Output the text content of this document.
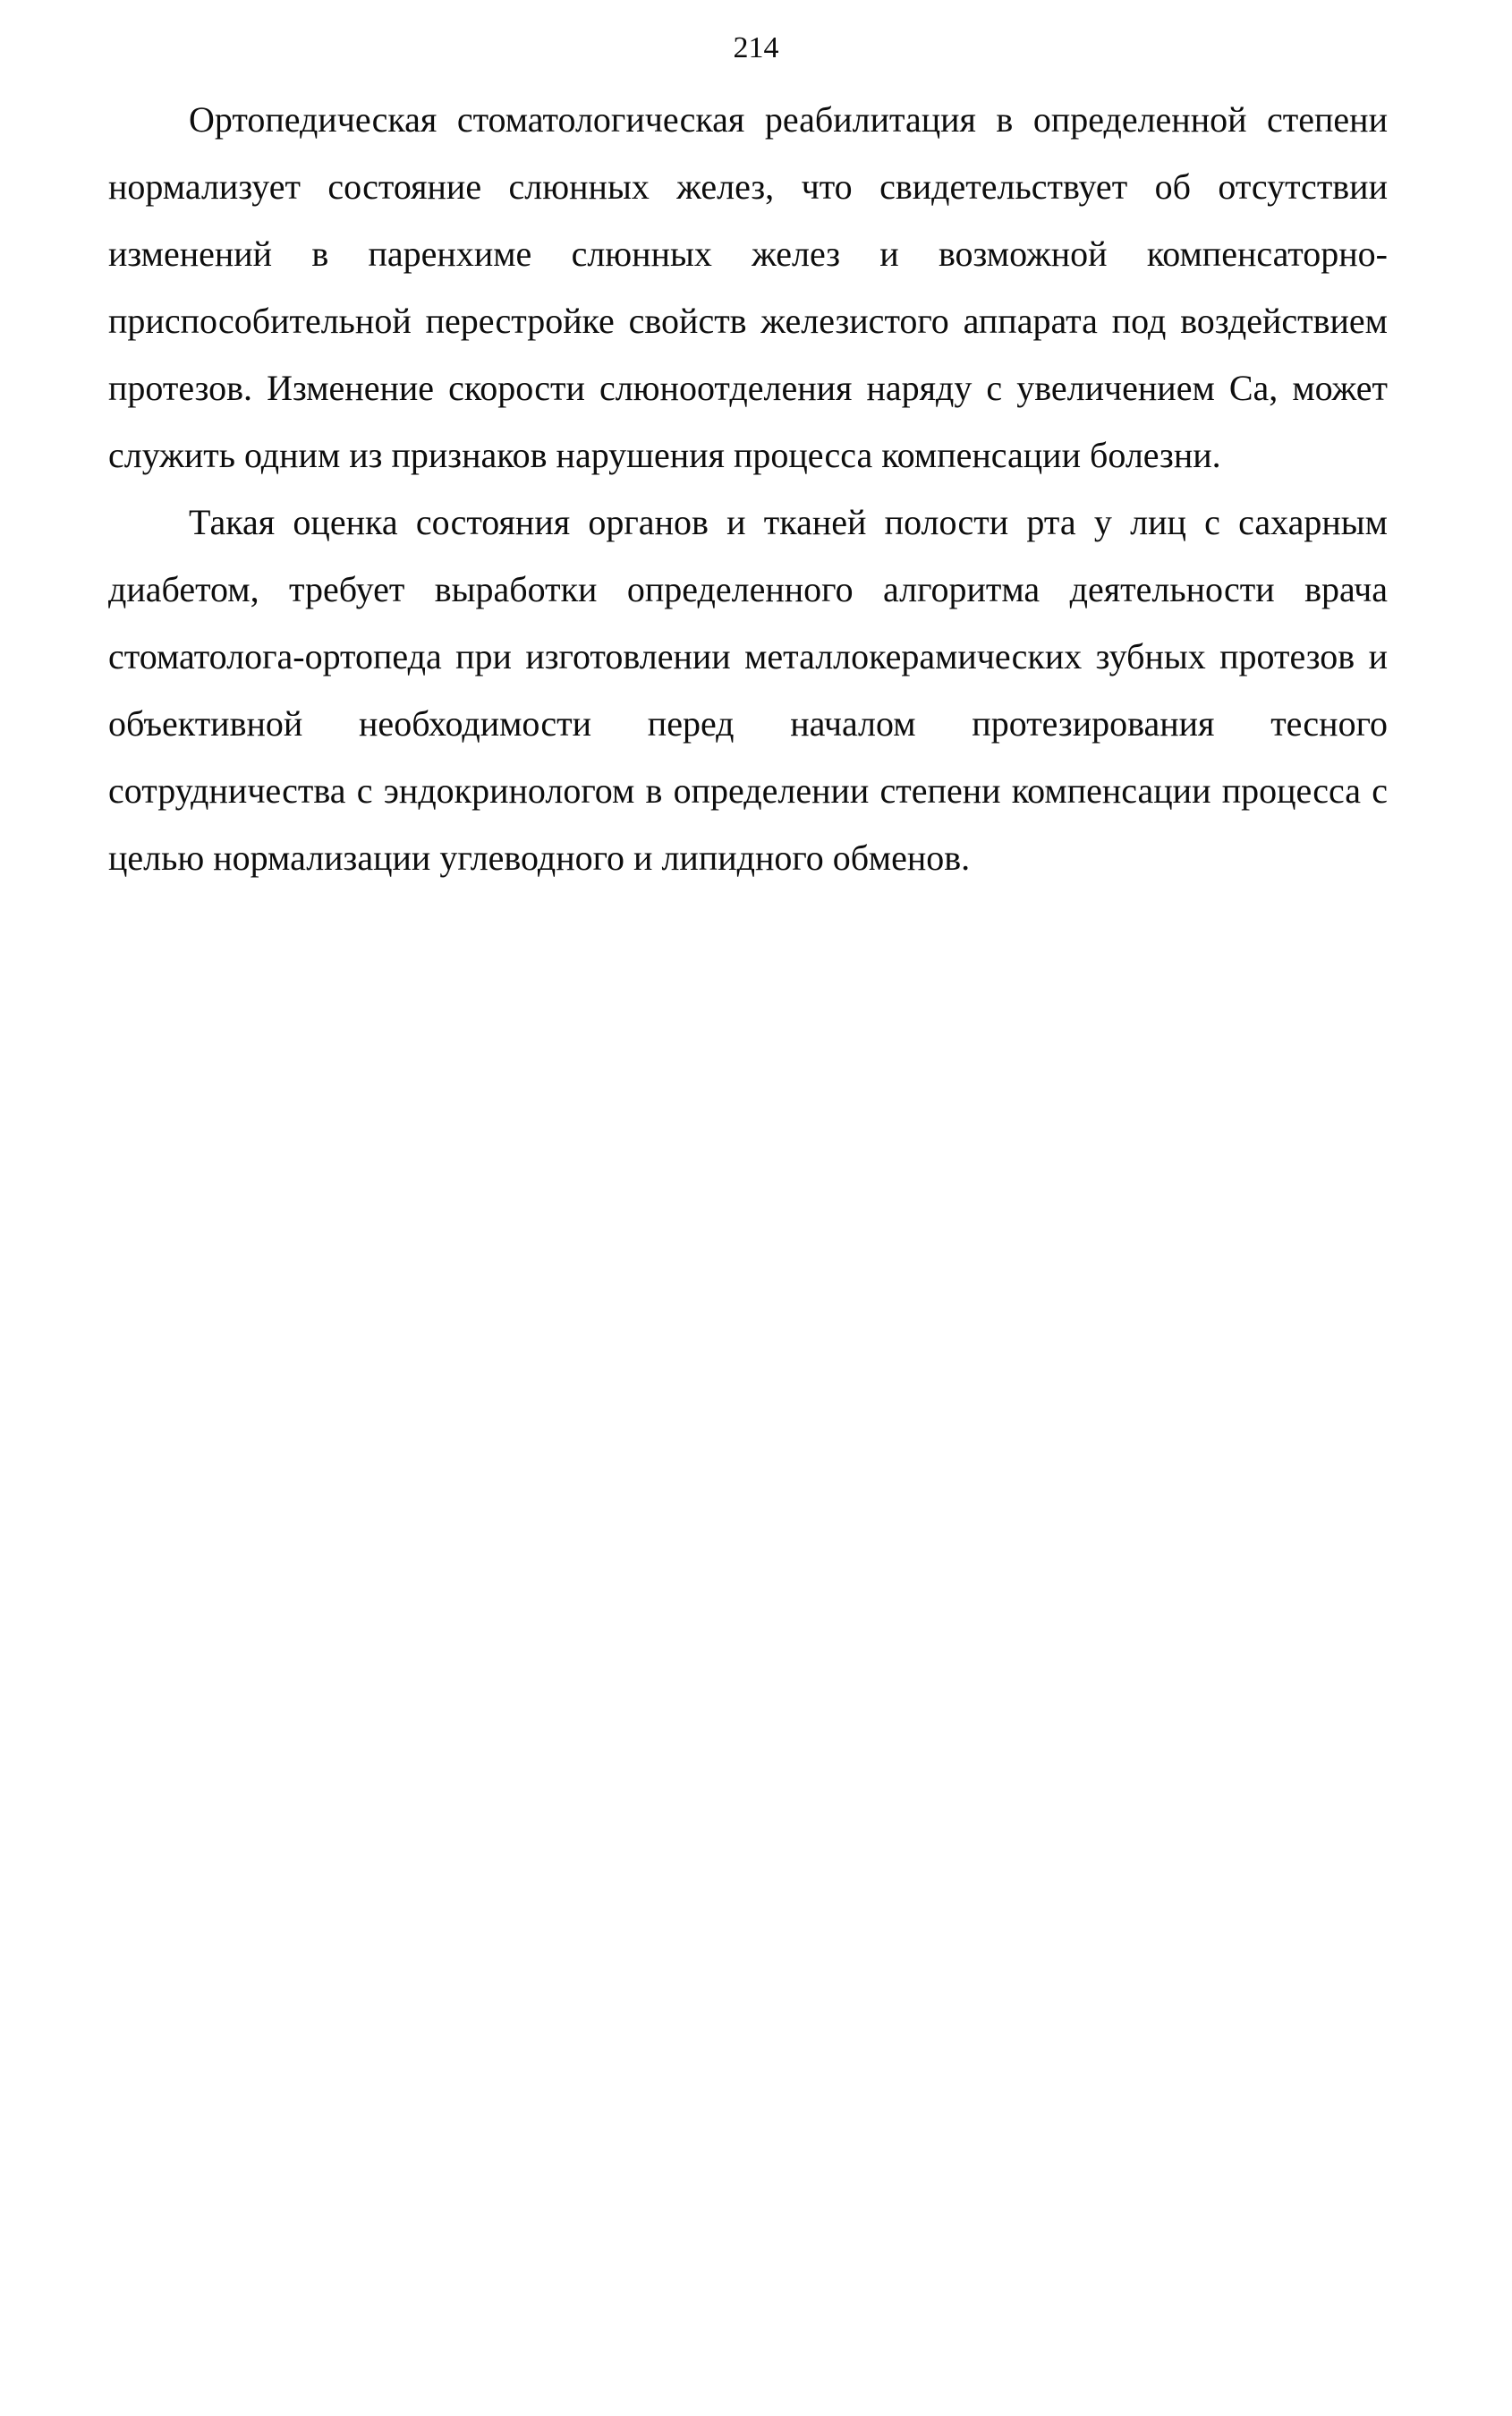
214

Ортопедическая стоматологическая реабилитация в определенной степени нормализует состояние слюнных желез, что свидетельствует об отсутствии изменений в паренхиме слюнных желез и возможной компенсаторно-приспособительной перестройке свойств железистого аппарата под воздействием протезов. Изменение скорости слюноотделения наряду с увеличением Са, может служить одним из признаков нарушения процесса компенсации болезни.

Такая оценка состояния органов и тканей полости рта у лиц с сахарным диабетом, требует выработки определенного алгоритма деятельности врача стоматолога-ортопеда при изготовлении металлокерамических зубных протезов и объективной необходимости перед началом протезирования тесного сотрудничества с эндокринологом в определении степени компенсации процесса с целью нормализации углеводного и липидного обменов.
